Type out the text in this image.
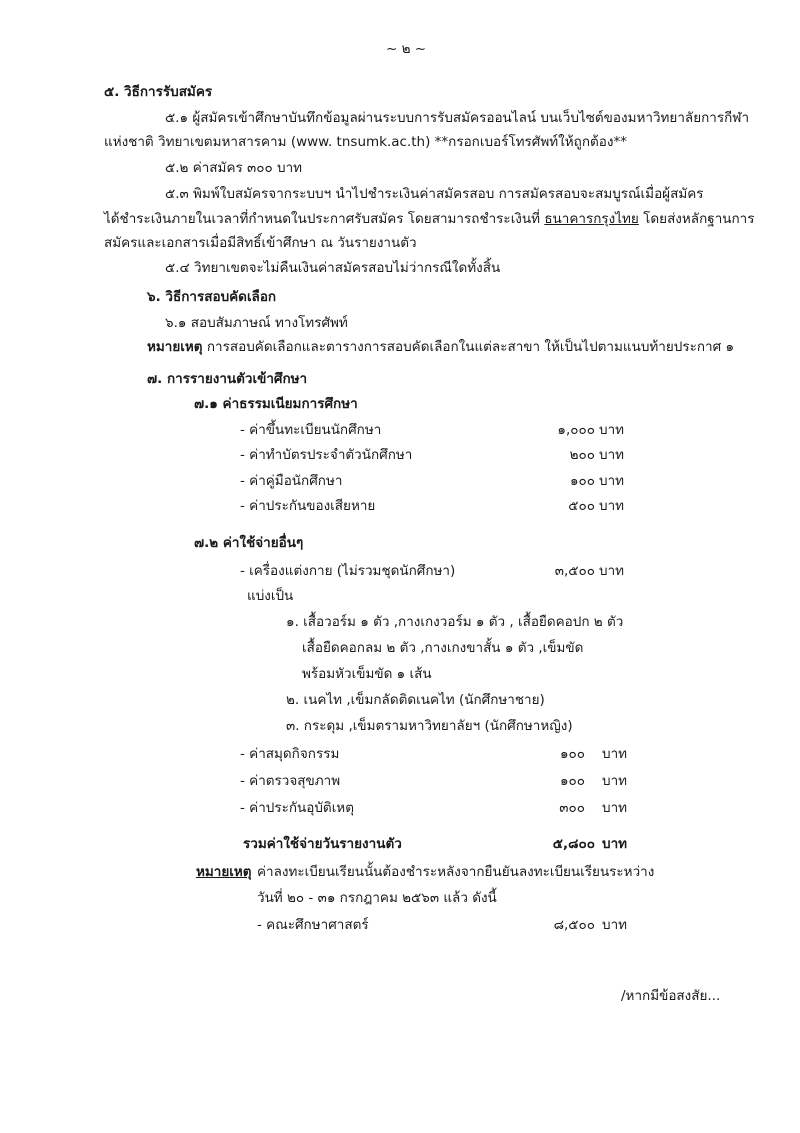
~ ๒ ~
๕. วิธีการรับสมัคร
๕.๑ ผู้สมัครเข้าศึกษาบันทึกข้อมูลผ่านระบบการรับสมัครออนไลน์ บนเว็บไซต์ของมหาวิทยาลัยการกีฬา
แห่งชาติ วิทยาเขตมหาสารคาม (www. tnsumk.ac.th) **กรอกเบอร์โทรศัพท์ให้ถูกต้อง**
๕.๒ ค่าสมัคร ๓๐๐ บาท
๕.๓ พิมพ์ใบสมัครจากระบบฯ นำไปชำระเงินค่าสมัครสอบ การสมัครสอบจะสมบูรณ์เมื่อผู้สมัคร
ได้ชำระเงินภายในเวลาที่กำหนดในประกาศรับสมัคร โดยสามารถชำระเงินที่ ธนาคารกรุงไทย โดยส่งหลักฐานการ
สมัครและเอกสารเมื่อมีสิทธิ์เข้าศึกษา ณ วันรายงานตัว
๕.๔ วิทยาเขตจะไม่คืนเงินค่าสมัครสอบไม่ว่ากรณีใดทั้งสิ้น
๖. วิธีการสอบคัดเลือก
๖.๑ สอบสัมภาษณ์ ทางโทรศัพท์
หมายเหตุ การสอบคัดเลือกและตารางการสอบคัดเลือกในแต่ละสาขา ให้เป็นไปตามแนบท้ายประกาศ ๑
๗. การรายงานตัวเข้าศึกษา
๗.๑ ค่าธรรมเนียมการศึกษา
- ค่าขึ้นทะเบียนนักศึกษา	๑,๐๐๐ บาท
- ค่าทำบัตรประจำตัวนักศึกษา	๒๐๐ บาท
- ค่าคู่มือนักศึกษา	๑๐๐ บาท
- ค่าประกันของเสียหาย	๕๐๐ บาท
๗.๒ ค่าใช้จ่ายอื่นๆ
- เครื่องแต่งกาย (ไม่รวมชุดนักศึกษา)	๓,๕๐๐ บาท
แบ่งเป็น
๑. เสื้อวอร์ม ๑ ตัว ,กางเกงวอร์ม ๑ ตัว , เสื้อยืดคอปก ๒ ตัว
เสื้อยืดคอกลม ๒ ตัว ,กางเกงขาสั้น ๑ ตัว ,เข็มขัด
พร้อมหัวเข็มขัด ๑ เส้น
๒. เนคไท ,เข็มกลัดติดเนคไท (นักศึกษาชาย)
๓. กระดุม ,เข็มตรามหาวิทยาลัยฯ (นักศึกษาหญิง)
- ค่าสมุดกิจกรรม	๑๐๐ บาท
- ค่าตรวจสุขภาพ	๑๐๐ บาท
- ค่าประกันอุบัติเหตุ	๓๐๐ บาท
รวมค่าใช้จ่ายวันรายงานตัว	๕,๘๐๐ บาท
หมายเหตุ ค่าลงทะเบียนเรียนนั้นต้องชำระหลังจากยืนยันลงทะเบียนเรียนระหว่าง
วันที่ ๒๐ - ๓๑ กรกฎาคม ๒๕๖๓ แล้ว ดังนี้
- คณะศึกษาศาสตร์	๘,๕๐๐ บาท
/หากมีข้อสงสัย...
